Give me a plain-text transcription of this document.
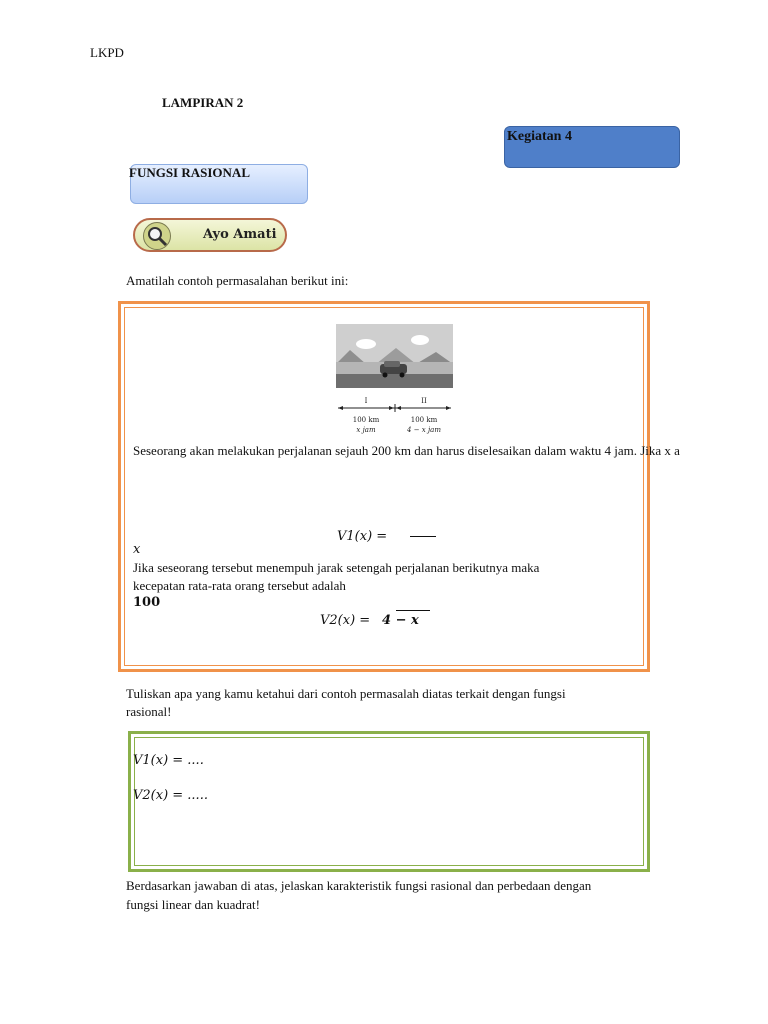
LKPD
LAMPIRAN 2
Kegiatan 4
FUNGSI RASIONAL
Ayo Amati
Amatilah contoh permasalahan berikut ini:
I	II
100 km
x jam
100 km
4 − x jam
Seseorang akan melakukan perjalanan sejauh 200 km dan harus diselesaikan dalam waktu 4 jam. Jika x a
V1(x) =
x
Jika seseorang tersebut menempuh jarak setengah perjalanan berikutnya maka
kecepatan rata-rata orang tersebut adalah
100
V2(x) = 4 − x
Tuliskan apa yang kamu ketahui dari contoh permasalah diatas terkait dengan fungsi
rasional!
V1(x) = ....
V2(x) = .....
Berdasarkan jawaban di atas, jelaskan karakteristik fungsi rasional dan perbedaan dengan
fungsi linear dan kuadrat!
